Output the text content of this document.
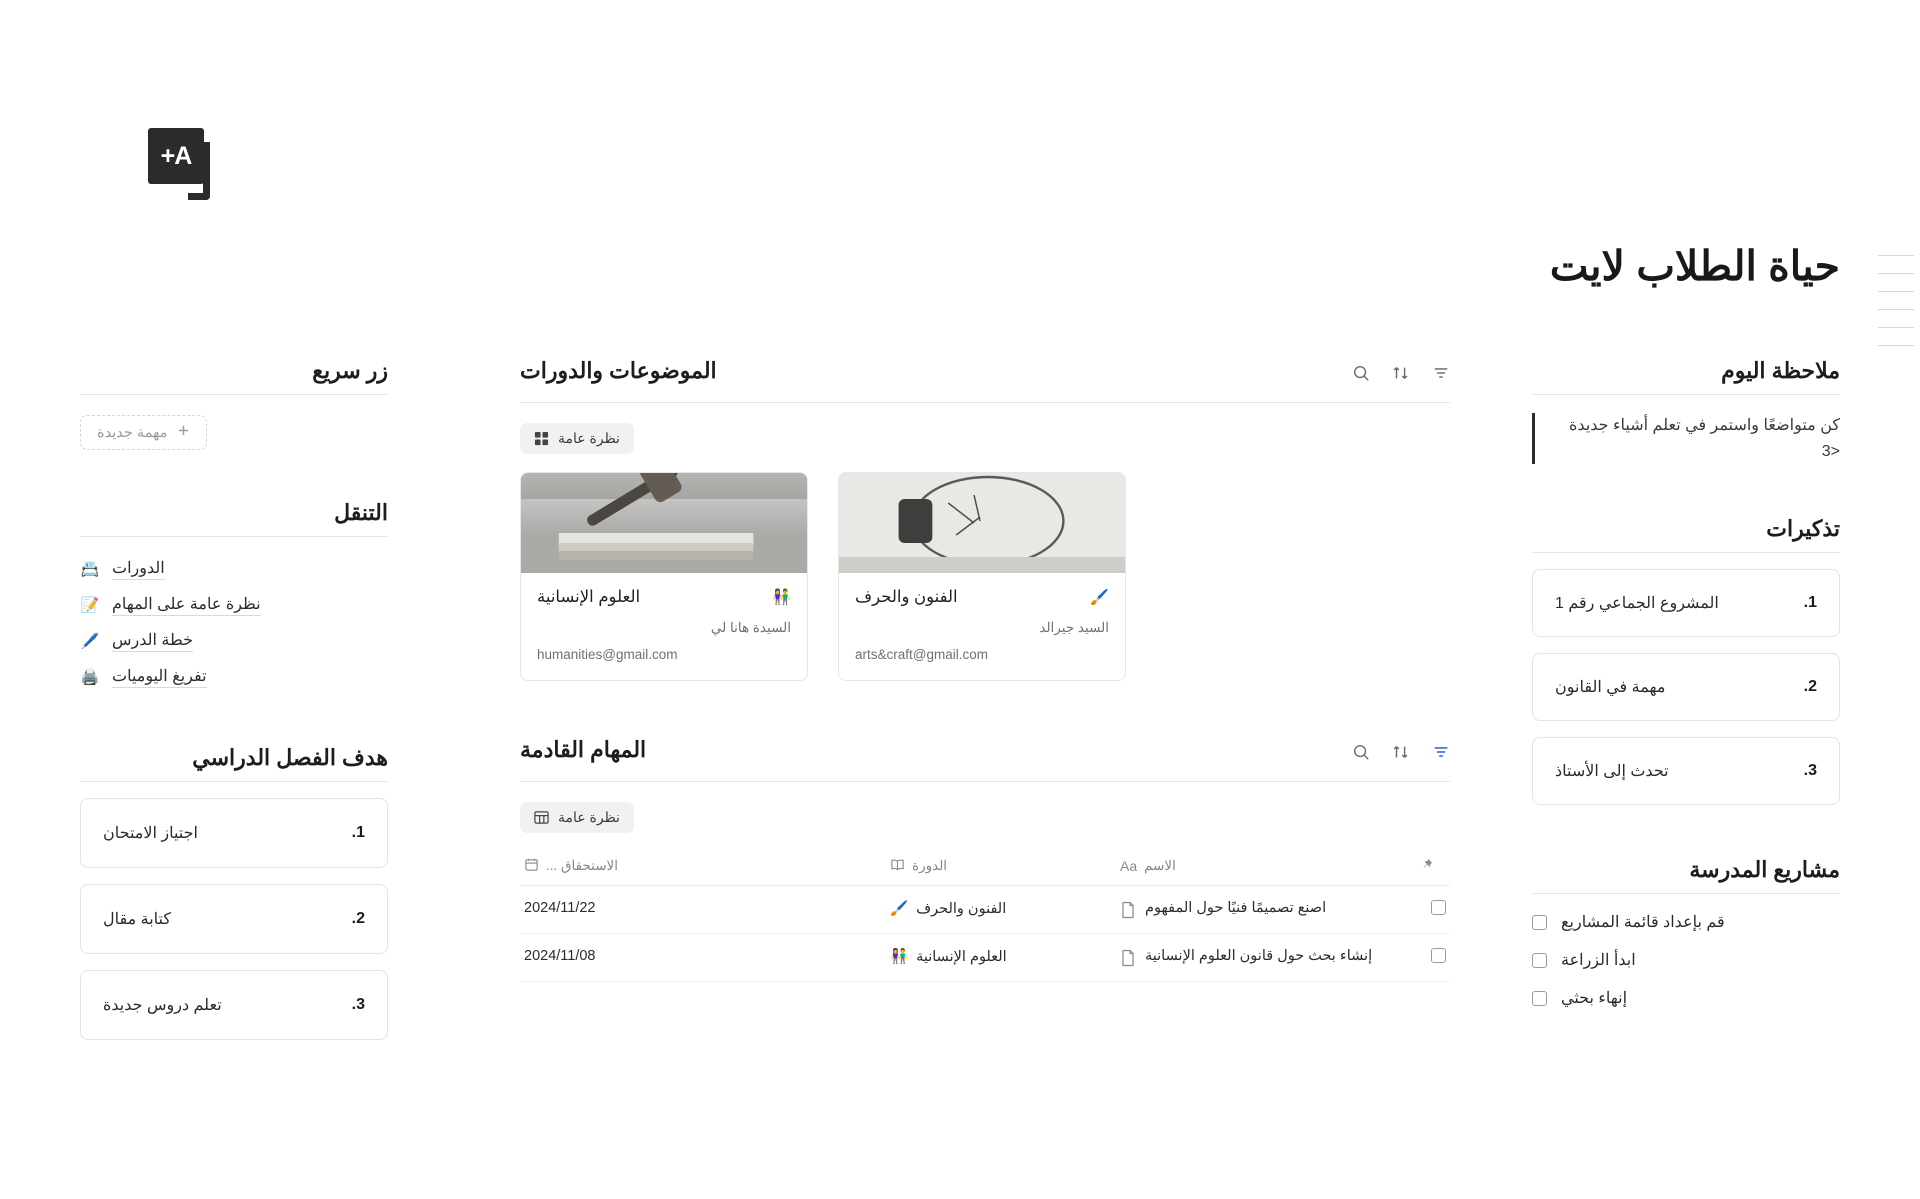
A+
حياة الطلاب لايت
ملاحظة اليوم
كن متواضعًا واستمر في تعلم أشياء جديدة <3
تذكيرات
المشروع الجماعي رقم 1	1.
مهمة في القانون	2.
تحدث إلى الأستاذ	3.
مشاريع المدرسة
قم بإعداد قائمة المشاريع
ابدأ الزراعة
إنهاء بحثي
الموضوعات والدورات
نظرة عامة
العلوم الإنسانية	👫
السيدة هانا لي
humanities@gmail.com
الفنون والحرف	🖌️
السيد جيرالد
arts&craft@gmail.com
المهام القادمة
نظرة عامة

Aa الاسم	الدورة	الاستحقاق ...

	اصنع تصميمًا فنيًا حول المفهوم	🖌️ الفنون والحرف	2024/11/22

	إنشاء بحث حول قانون العلوم الإنسانية	👫 العلوم الإنسانية	2024/11/08
زر سريع
مهمة جديدة
التنقل
📇 الدورات
📝 نظرة عامة على المهام
🖊️ خطة الدرس
🖨️ تفريغ اليوميات
هدف الفصل الدراسي
اجتياز الامتحان	1.
كتابة مقال	2.
تعلم دروس جديدة	3.
